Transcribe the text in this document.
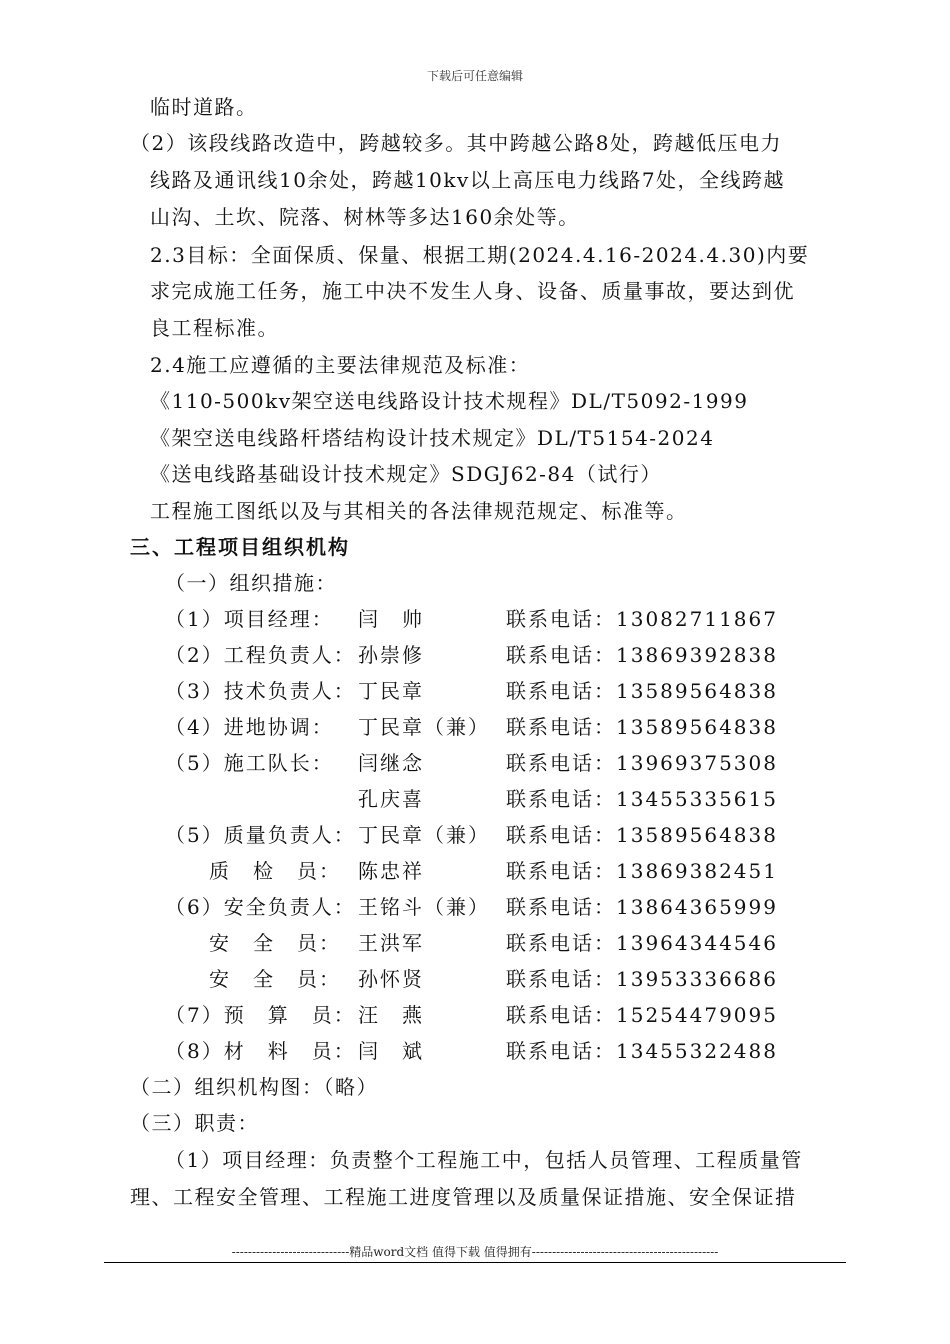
下载后可任意编辑
临时道路。
（2）该段线路改造中，跨越较多。其中跨越公路8处，跨越低压电力
线路及通讯线10余处，跨越10kv以上高压电力线路7处，全线跨越
山沟、土坎、院落、树林等多达160余处等。
2.3目标：全面保质、保量、根据工期(2024.4.16-2024.4.30)内要
求完成施工任务，施工中决不发生人身、设备、质量事故，要达到优
良工程标准。
2.4施工应遵循的主要法律规范及标准：
《110-500kv架空送电线路设计技术规程》DL/T5092-1999
《架空送电线路杆塔结构设计技术规定》DL/T5154-2024
《送电线路基础设计技术规定》SDGJ62-84（试行）
工程施工图纸以及与其相关的各法律规范规定、标准等。
三、工程项目组织机构
（一）组织措施：
（1）项目经理： 闫　帅	联系电话：13082711867
（2）工程负责人： 孙崇修	联系电话：13869392838
（3）技术负责人： 丁民章	联系电话：13589564838
（4）进地协调： 丁民章（兼） 联系电话：13589564838
（5）施工队长： 闫继念	联系电话：13969375308
孔庆喜	联系电话：13455335615
（5）质量负责人： 丁民章（兼） 联系电话：13589564838
　　质　检　员： 陈忠祥	联系电话：13869382451
（6）安全负责人： 王铭斗（兼） 联系电话：13864365999
　　安　全　员： 王洪军	联系电话：13964344546
　　安　全　员： 孙怀贤	联系电话：13953336686
（7）预　算　员： 汪　燕	联系电话：15254479095
（8）材　料　员： 闫　斌	联系电话：13455322488
（二）组织机构图：（略）
（三）职责：
（1）项目经理：负责整个工程施工中，包括人员管理、工程质量管
理、工程安全管理、工程施工进度管理以及质量保证措施、安全保证措
-----------------------------精品word文档 值得下载 值得拥有----------------------------------------------
